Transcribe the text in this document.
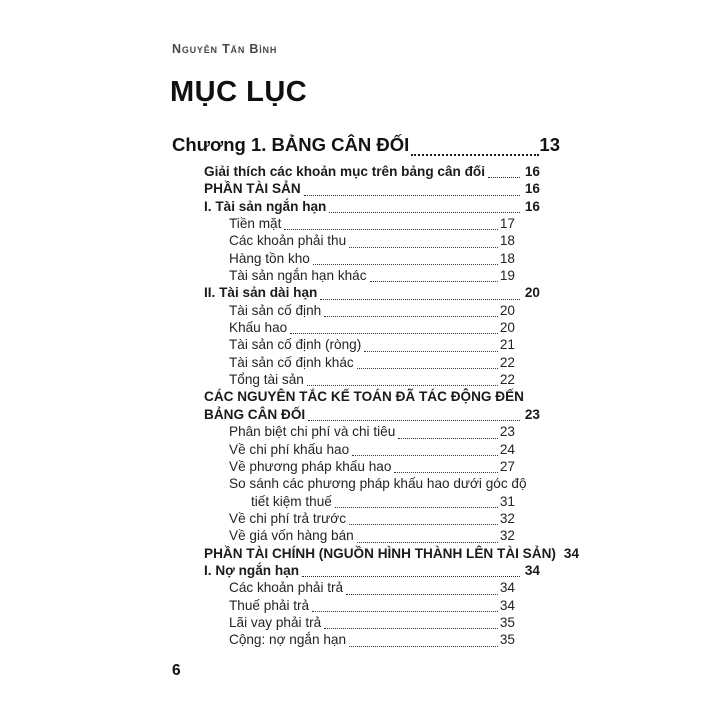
Nguyễn Tấn Bình
MỤC LỤC
Chương 1. BẢNG CÂN ĐỐI	13
Giải thích các khoản mục trên bảng cân đối	16
PHẦN TÀI SẢN	16
I. Tài sản ngắn hạn	16
Tiền mặt	17
Các khoản phải thu	18
Hàng tồn kho	18
Tài sản ngắn hạn khác	19
II. Tài sản dài hạn	20
Tài sản cố định	20
Khấu hao	20
Tài sản cố định (ròng)	21
Tài sản cố định khác	22
Tổng tài sản	22
CÁC NGUYÊN TẮC KẾ TOÁN ĐÃ TÁC ĐỘNG ĐẾN
BẢNG CÂN ĐỐI	23
Phân biệt chi phí và chi tiêu	23
Về chi phí khấu hao	24
Về phương pháp khấu hao	27
So sánh các phương pháp khấu hao dưới góc độ
tiết kiệm thuế	31
Về chi phí trả trước	32
Về giá vốn hàng bán	32
PHẦN TÀI CHÍNH (NGUỒN HÌNH THÀNH LÊN TÀI SẢN) 34
I. Nợ ngắn hạn	34
Các khoản phải trả	34
Thuế phải trả	34
Lãi vay phải trả	35
Cộng: nợ ngắn hạn	35
6
